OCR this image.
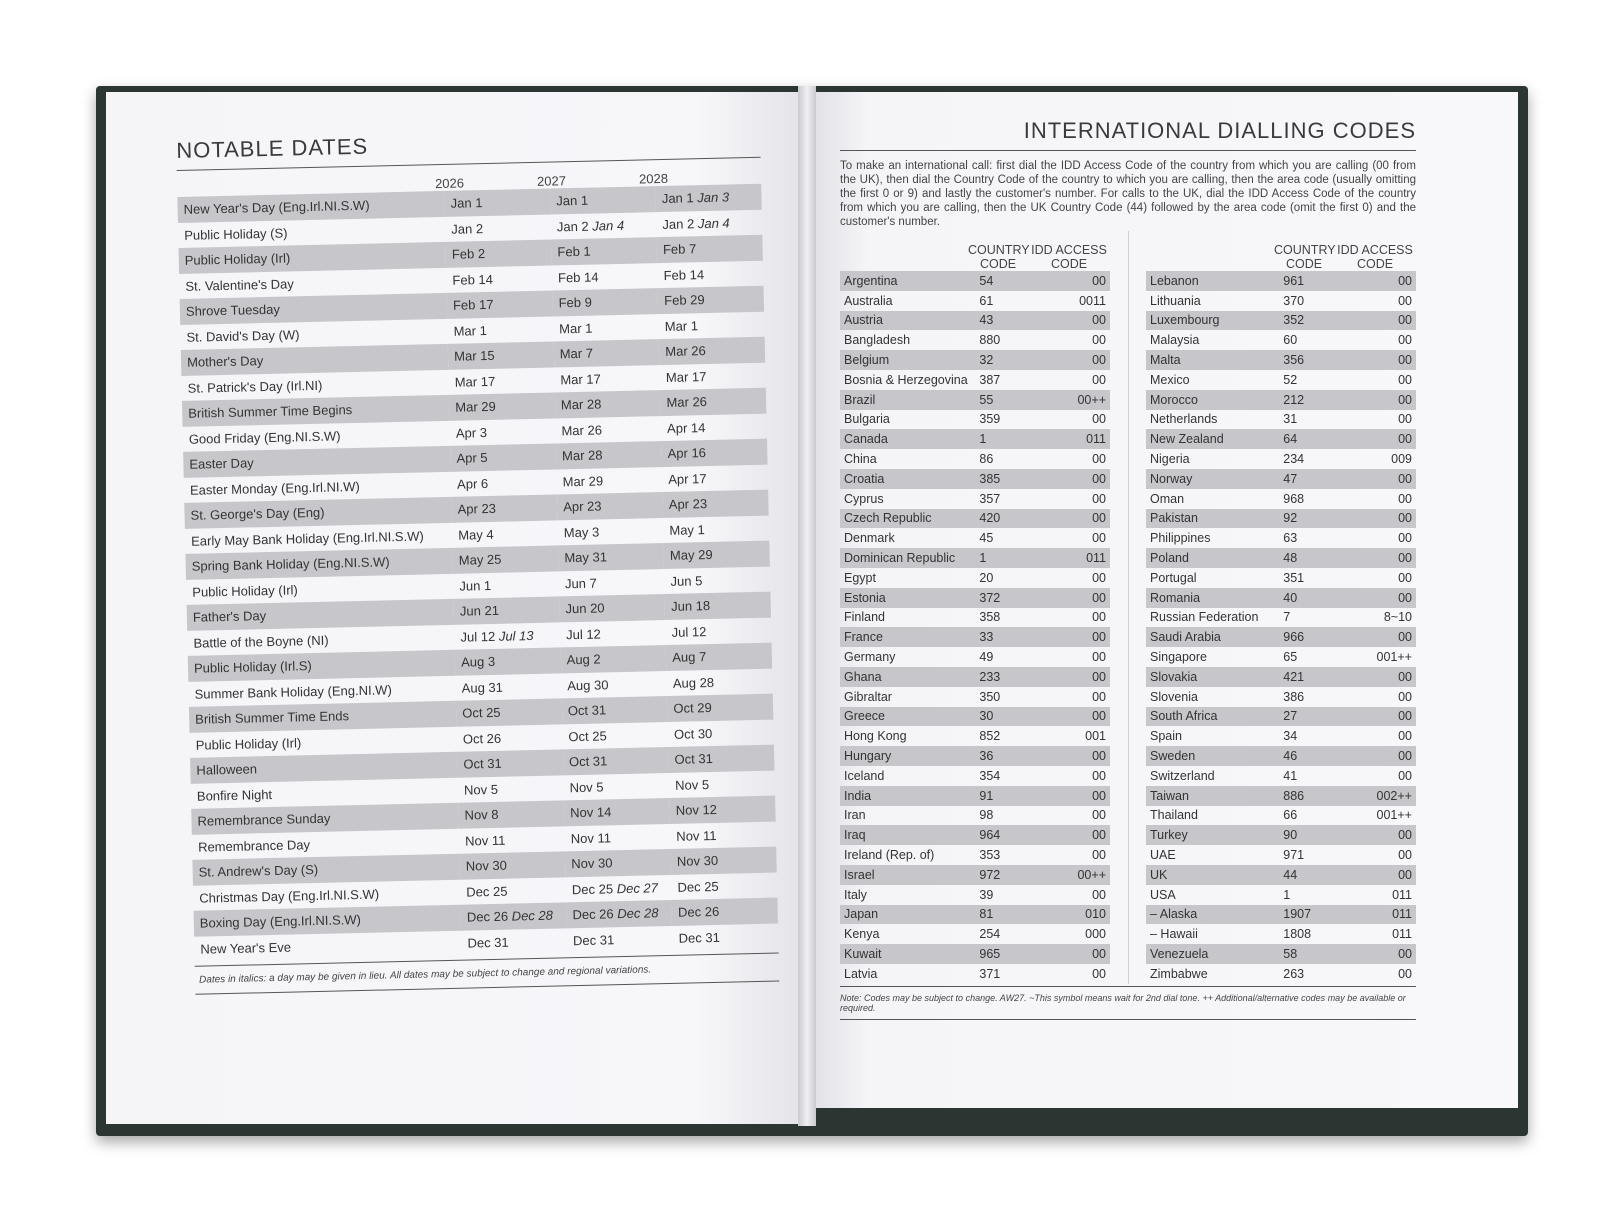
NOTABLE DATES
2026	2027	2028
New Year's Day (Eng.Irl.NI.S.W)	Jan 1	Jan 1	Jan 1 Jan 3
Public Holiday (S)	Jan 2	Jan 2 Jan 4	Jan 2 Jan 4
Public Holiday (Irl)	Feb 2	Feb 1	Feb 7
St. Valentine's Day	Feb 14	Feb 14	Feb 14
Shrove Tuesday	Feb 17	Feb 9	Feb 29
St. David's Day (W)	Mar 1	Mar 1	Mar 1
Mother's Day	Mar 15	Mar 7	Mar 26
St. Patrick's Day (Irl.NI)	Mar 17	Mar 17	Mar 17
British Summer Time Begins	Mar 29	Mar 28	Mar 26
Good Friday (Eng.NI.S.W)	Apr 3	Mar 26	Apr 14
Easter Day	Apr 5	Mar 28	Apr 16
Easter Monday (Eng.Irl.NI.W)	Apr 6	Mar 29	Apr 17
St. George's Day (Eng)	Apr 23	Apr 23	Apr 23
Early May Bank Holiday (Eng.Irl.NI.S.W)	May 4	May 3	May 1
Spring Bank Holiday (Eng.NI.S.W)	May 25	May 31	May 29
Public Holiday (Irl)	Jun 1	Jun 7	Jun 5
Father's Day	Jun 21	Jun 20	Jun 18
Battle of the Boyne (NI)	Jul 12 Jul 13	Jul 12	Jul 12
Public Holiday (Irl.S)	Aug 3	Aug 2	Aug 7
Summer Bank Holiday (Eng.NI.W)	Aug 31	Aug 30	Aug 28
British Summer Time Ends	Oct 25	Oct 31	Oct 29
Public Holiday (Irl)	Oct 26	Oct 25	Oct 30
Halloween	Oct 31	Oct 31	Oct 31
Bonfire Night	Nov 5	Nov 5	Nov 5
Remembrance Sunday	Nov 8	Nov 14	Nov 12
Remembrance Day	Nov 11	Nov 11	Nov 11
St. Andrew's Day (S)	Nov 30	Nov 30	Nov 30
Christmas Day (Eng.Irl.NI.S.W)	Dec 25	Dec 25 Dec 27	Dec 25
Boxing Day (Eng.Irl.NI.S.W)	Dec 26 Dec 28	Dec 26 Dec 28	Dec 26
New Year's Eve	Dec 31	Dec 31	Dec 31
Dates in italics: a day may be given in lieu. All dates may be subject to change and regional variations.
INTERNATIONAL DIALLING CODES
To make an international call: first dial the IDD Access Code of the country from which you are calling (00 from the UK), then dial the Country Code of the country to which you are calling, then the area code (usually omitting the first 0 or 9) and lastly the customer's number. For calls to the UK, dial the IDD Access Code of the country from which you are calling, then the UK Country Code (44) followed by the area code (omit the first 0) and the customer's number.
COUNTRY CODE
IDD ACCESS CODE
Argentina	54	00
Australia	61	0011
Austria	43	00
Bangladesh	880	00
Belgium	32	00
Bosnia & Herzegovina	387	00
Brazil	55	00++
Bulgaria	359	00
Canada	1	011
China	86	00
Croatia	385	00
Cyprus	357	00
Czech Republic	420	00
Denmark	45	00
Dominican Republic	1	011
Egypt	20	00
Estonia	372	00
Finland	358	00
France	33	00
Germany	49	00
Ghana	233	00
Gibraltar	350	00
Greece	30	00
Hong Kong	852	001
Hungary	36	00
Iceland	354	00
India	91	00
Iran	98	00
Iraq	964	00
Ireland (Rep. of)	353	00
Israel	972	00++
Italy	39	00
Japan	81	010
Kenya	254	000
Kuwait	965	00
Latvia	371	00
COUNTRY CODE
IDD ACCESS CODE
Lebanon	961	00
Lithuania	370	00
Luxembourg	352	00
Malaysia	60	00
Malta	356	00
Mexico	52	00
Morocco	212	00
Netherlands	31	00
New Zealand	64	00
Nigeria	234	009
Norway	47	00
Oman	968	00
Pakistan	92	00
Philippines	63	00
Poland	48	00
Portugal	351	00
Romania	40	00
Russian Federation	7	8~10
Saudi Arabia	966	00
Singapore	65	001++
Slovakia	421	00
Slovenia	386	00
South Africa	27	00
Spain	34	00
Sweden	46	00
Switzerland	41	00
Taiwan	886	002++
Thailand	66	001++
Turkey	90	00
UAE	971	00
UK	44	00
USA	1	011
– Alaska	1907	011
– Hawaii	1808	011
Venezuela	58	00
Zimbabwe	263	00
Note: Codes may be subject to change. AW27. ~This symbol means wait for 2nd dial tone. ++ Additional/alternative codes may be available or required.
